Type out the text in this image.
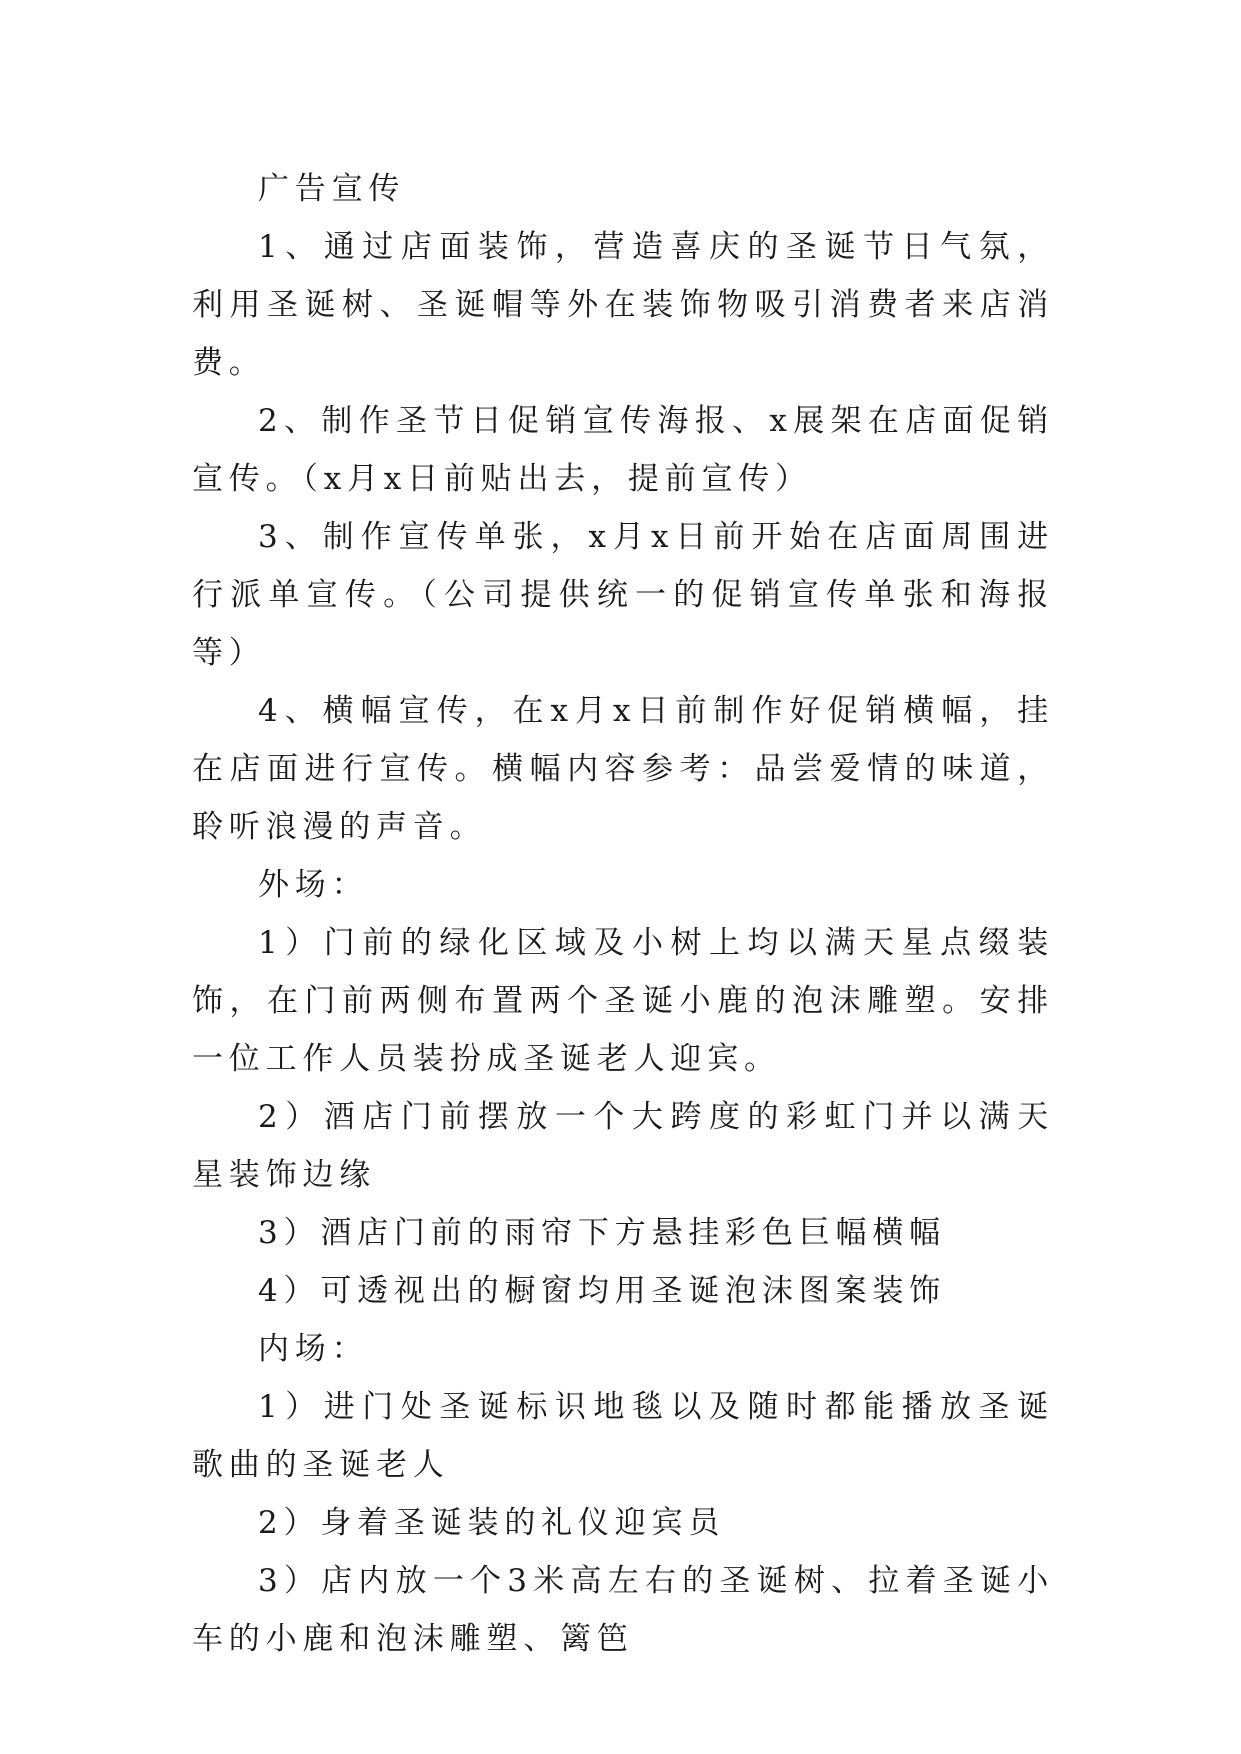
广告宣传

1、通过店面装饰，营造喜庆的圣诞节日气氛，利用圣诞树、圣诞帽等外在装饰物吸引消费者来店消费。

2、制作圣节日促销宣传海报、x展架在店面促销宣传。（x月x日前贴出去，提前宣传）

3、制作宣传单张，x月x日前开始在店面周围进行派单宣传。（公司提供统一的促销宣传单张和海报等）

4、横幅宣传，在x月x日前制作好促销横幅，挂在店面进行宣传。横幅内容参考：品尝爱情的味道，聆听浪漫的声音。

外场：

1）门前的绿化区域及小树上均以满天星点缀装饰，在门前两侧布置两个圣诞小鹿的泡沫雕塑。安排一位工作人员装扮成圣诞老人迎宾。

2）酒店门前摆放一个大跨度的彩虹门并以满天星装饰边缘

3）酒店门前的雨帘下方悬挂彩色巨幅横幅

4）可透视出的橱窗均用圣诞泡沫图案装饰

内场：

1）进门处圣诞标识地毯以及随时都能播放圣诞歌曲的圣诞老人

2）身着圣诞装的礼仪迎宾员

3）店内放一个3米高左右的圣诞树、拉着圣诞小车的小鹿和泡沫雕塑、篱笆
